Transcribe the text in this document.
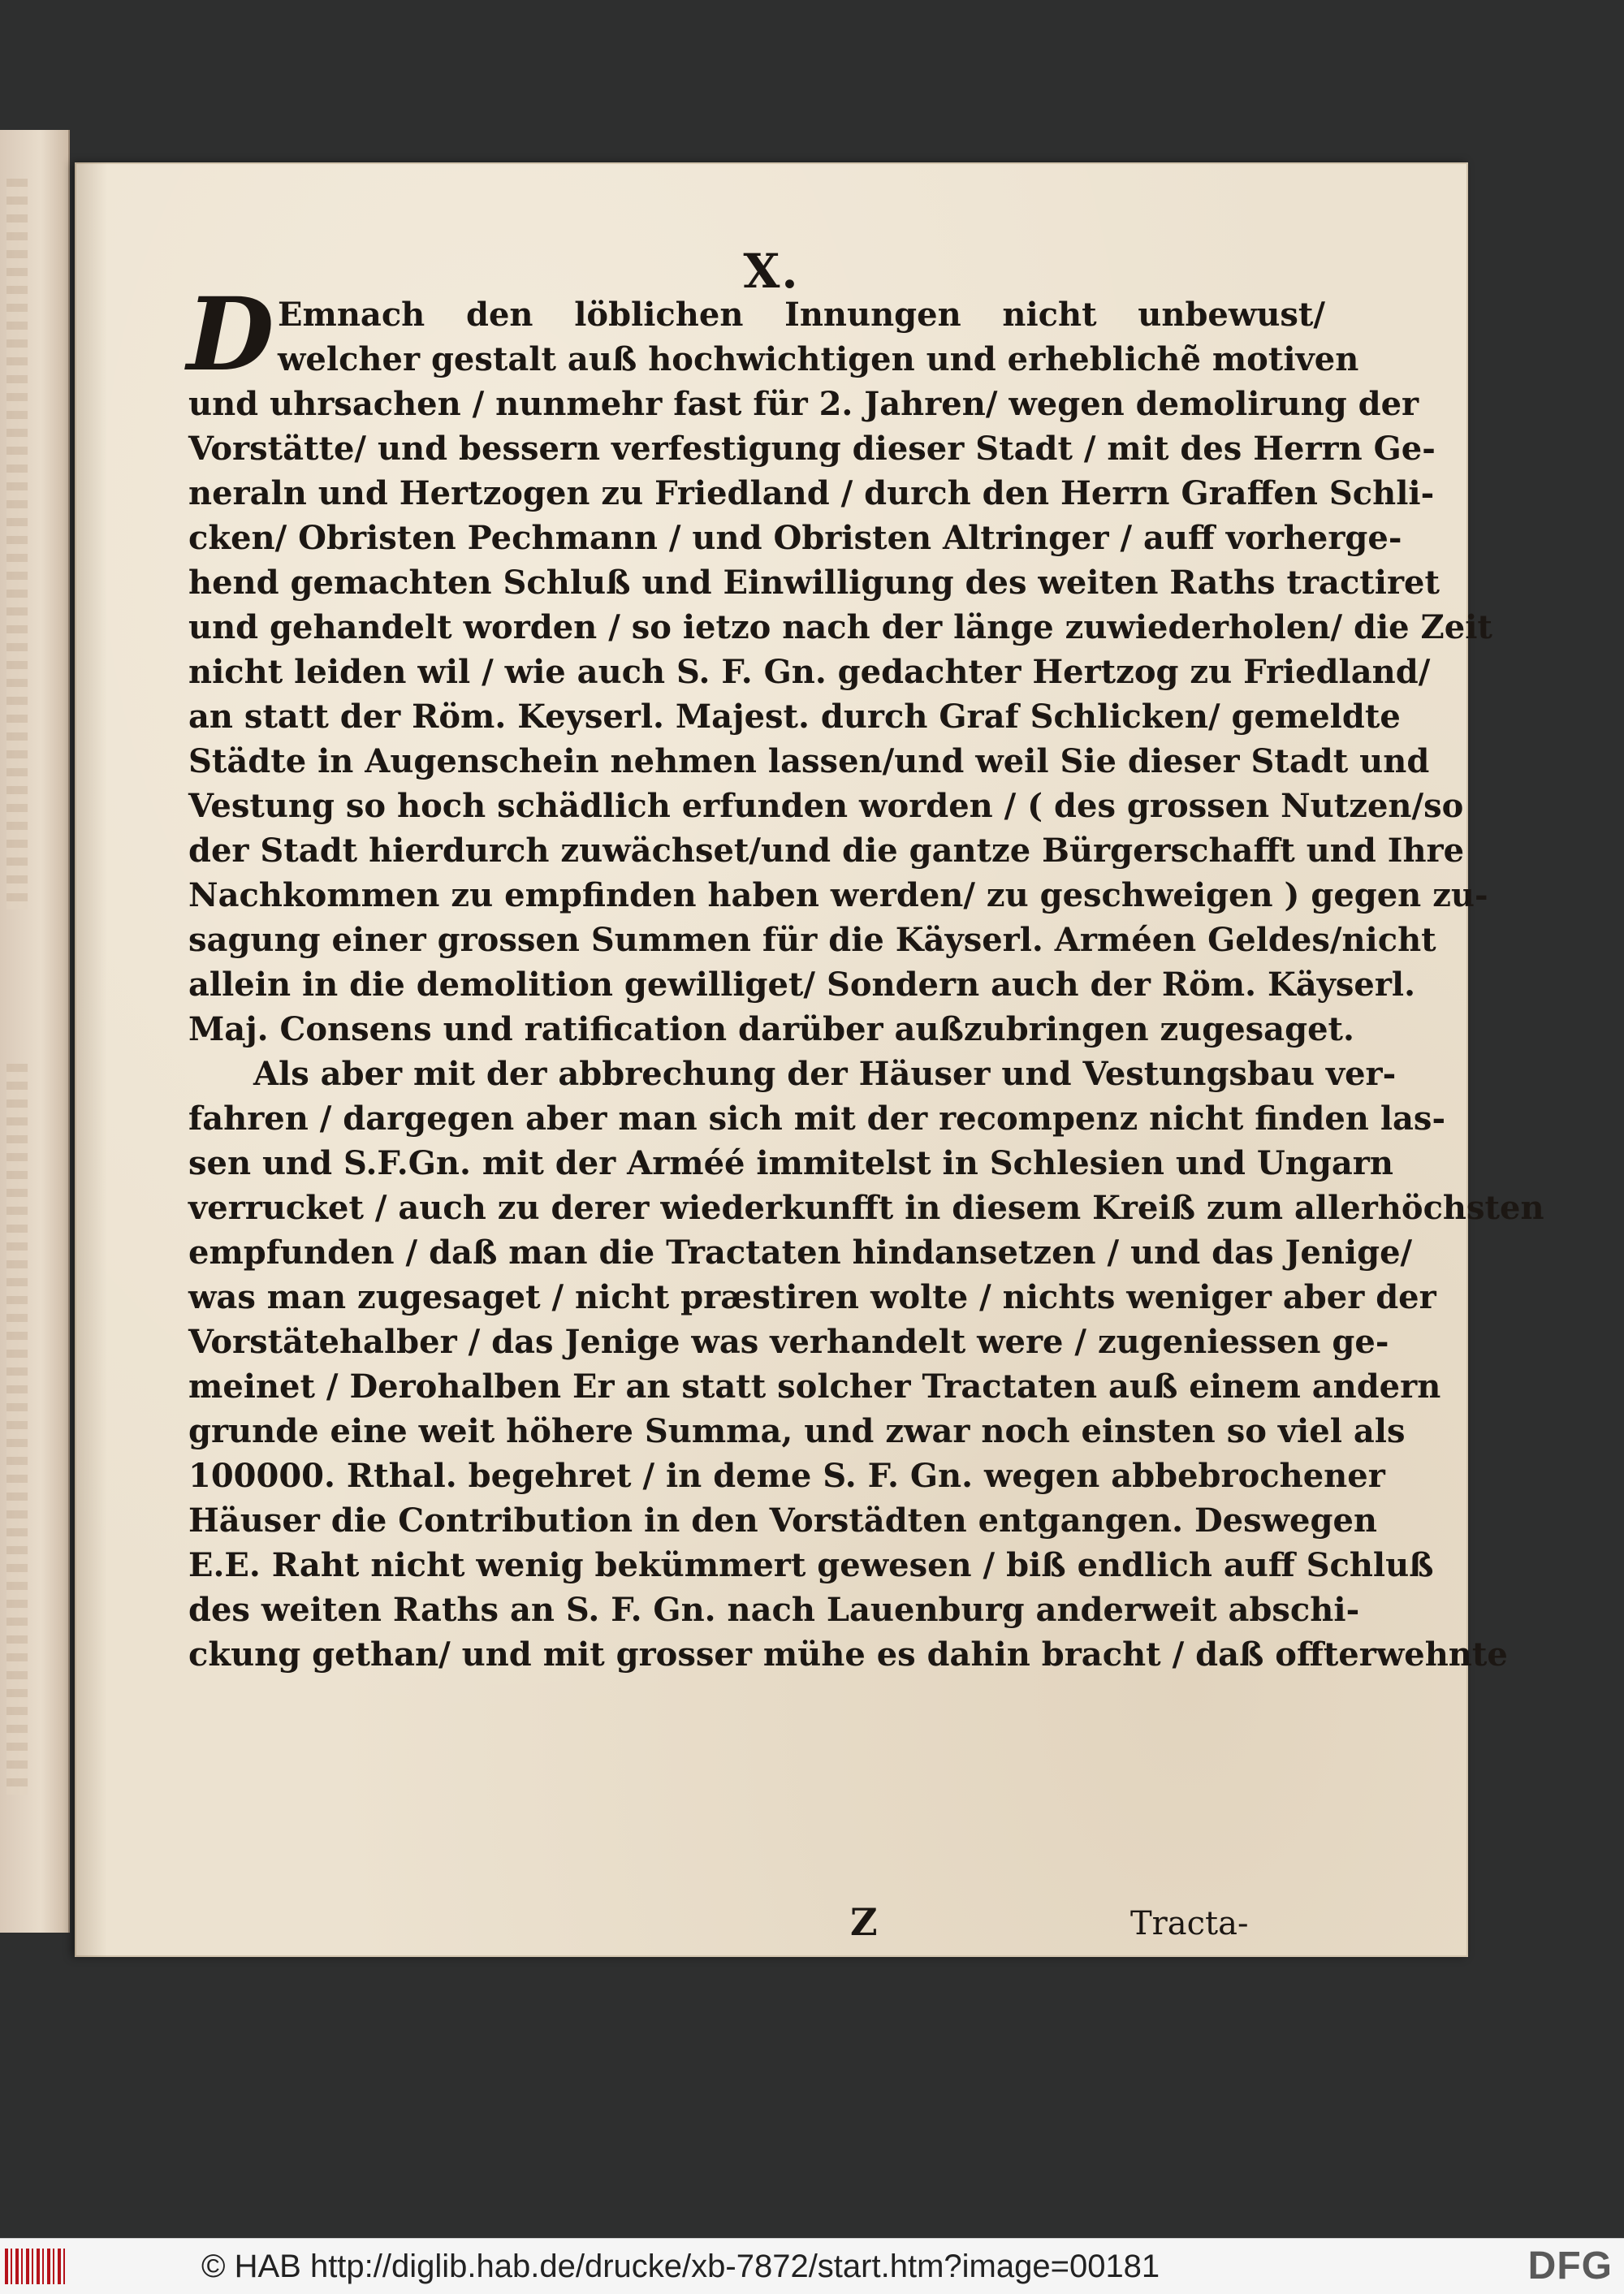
X.
D Emnach den löblichen Innungen nicht unbewust/
welcher gestalt auß hochwichtigen und erheblichẽ motiven
und uhrsachen / nunmehr fast für 2. Jahren/ wegen demolirung der
Vorstätte/ und bessern verfestigung dieser Stadt / mit des Herrn Ge-
neraln und Hertzogen zu Friedland / durch den Herrn Graffen Schli-
cken/ Obristen Pechmann / und Obristen Altringer / auff vorherge-
hend gemachten Schluß und Einwilligung des weiten Raths tractiret
und gehandelt worden / so ietzo nach der länge zuwiederholen/ die Zeit
nicht leiden wil / wie auch S. F. Gn. gedachter Hertzog zu Friedland/
an statt der Röm. Keyserl. Majest. durch Graf Schlicken/ gemeldte
Städte in Augenschein nehmen lassen/und weil Sie dieser Stadt und
Vestung so hoch schädlich erfunden worden / ( des grossen Nutzen/so
der Stadt hierdurch zuwächset/und die gantze Bürgerschafft und Ihre
Nachkommen zu empfinden haben werden/ zu geschweigen ) gegen zu-
sagung einer grossen Summen für die Käyserl. Arméen Geldes/nicht
allein in die demolition gewilliget/ Sondern auch der Röm. Käyserl.
Maj. Consens und ratification darüber außzubringen zugesaget.
Als aber mit der abbrechung der Häuser und Vestungsbau ver-
fahren / dargegen aber man sich mit der recompenz nicht finden las-
sen und S.F.Gn. mit der Arméé immitelst in Schlesien und Ungarn
verrucket / auch zu derer wiederkunfft in diesem Kreiß zum allerhöchsten
empfunden / daß man die Tractaten hindansetzen / und das Jenige/
was man zugesaget / nicht præstiren wolte / nichts weniger aber der
Vorstätehalber / das Jenige was verhandelt were / zugeniessen ge-
meinet / Derohalben Er an statt solcher Tractaten auß einem andern
grunde eine weit höhere Summa, und zwar noch einsten so viel als
100000. Rthal. begehret / in deme S. F. Gn. wegen abbebrochener
Häuser die Contribution in den Vorstädten entgangen. Deswegen
E.E. Raht nicht wenig bekümmert gewesen / biß endlich auff Schluß
des weiten Raths an S. F. Gn. nach Lauenburg anderweit abschi-
ckung gethan/ und mit grosser mühe es dahin bracht / daß offterwehnte
Z	Tracta-
© HAB http://diglib.hab.de/drucke/xb-7872/start.htm?image=00181	DFG
